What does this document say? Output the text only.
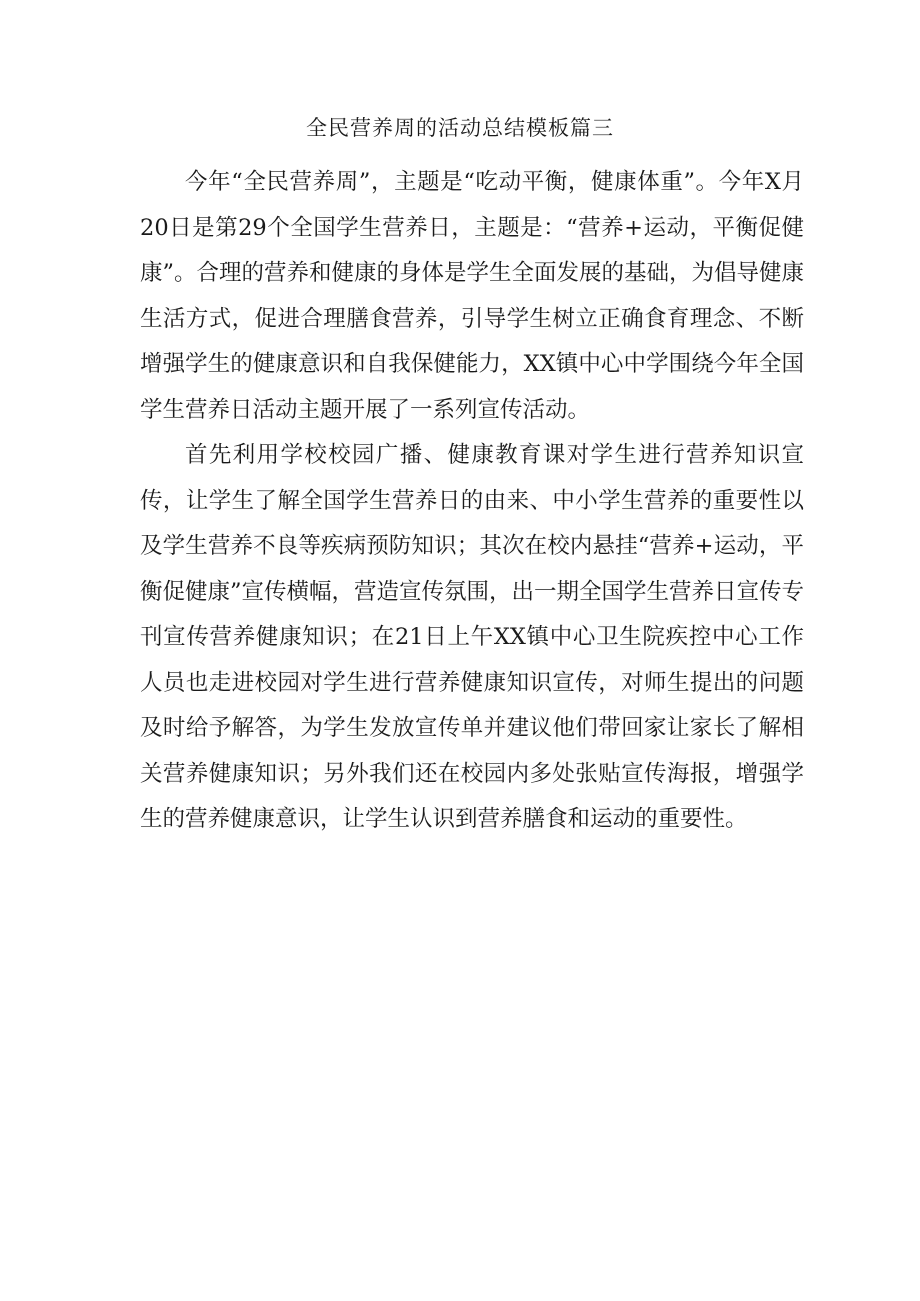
全民营养周的活动总结模板篇三

今年“全民营养周”，主题是“吃动平衡，健康体重”。今年X月20日是第29个全国学生营养日，主题是：“营养+运动，平衡促健康”。合理的营养和健康的身体是学生全面发展的基础，为倡导健康生活方式，促进合理膳食营养，引导学生树立正确食育理念、不断增强学生的健康意识和自我保健能力，XX镇中心中学围绕今年全国学生营养日活动主题开展了一系列宣传活动。

首先利用学校校园广播、健康教育课对学生进行营养知识宣传，让学生了解全国学生营养日的由来、中小学生营养的重要性以及学生营养不良等疾病预防知识；其次在校内悬挂“营养+运动，平衡促健康”宣传横幅，营造宣传氛围，出一期全国学生营养日宣传专刊宣传营养健康知识；在21日上午XX镇中心卫生院疾控中心工作人员也走进校园对学生进行营养健康知识宣传，对师生提出的问题及时给予解答，为学生发放宣传单并建议他们带回家让家长了解相关营养健康知识；另外我们还在校园内多处张贴宣传海报，增强学生的营养健康意识，让学生认识到营养膳食和运动的重要性。
